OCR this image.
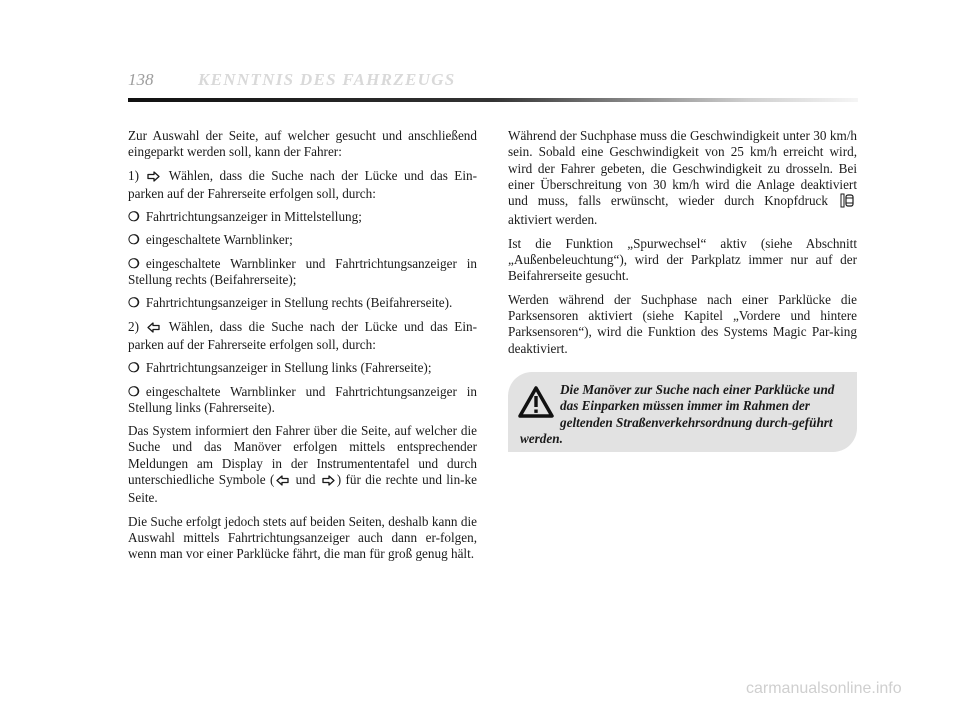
138	KENNTNIS DES FAHRZEUGS

Zur Auswahl der Seite, auf welcher gesucht und anschließend eingeparkt werden soll, kann der Fahrer:

1) Wählen, dass die Suche nach der Lücke und das Ein-parken auf der Fahrerseite erfolgen soll, durch:

❍ Fahrtrichtungsanzeiger in Mittelstellung;

❍ eingeschaltete Warnblinker;

❍ eingeschaltete Warnblinker und Fahrtrichtungsanzeiger in Stellung rechts (Beifahrerseite);

❍ Fahrtrichtungsanzeiger in Stellung rechts (Beifahrerseite).

2) Wählen, dass die Suche nach der Lücke und das Ein-parken auf der Fahrerseite erfolgen soll, durch:

❍ Fahrtrichtungsanzeiger in Stellung links (Fahrerseite);

❍ eingeschaltete Warnblinker und Fahrtrichtungsanzeiger in Stellung links (Fahrerseite).

Das System informiert den Fahrer über die Seite, auf welcher die Suche und das Manöver erfolgen mittels entsprechender Meldungen am Display in der Instrumententafel und durch unterschiedliche Symbole ( und ) für die rechte und lin-ke Seite.

Die Suche erfolgt jedoch stets auf beiden Seiten, deshalb kann die Auswahl mittels Fahrtrichtungsanzeiger auch dann er-folgen, wenn man vor einer Parklücke fährt, die man für groß genug hält.

Während der Suchphase muss die Geschwindigkeit unter 30 km/h sein. Sobald eine Geschwindigkeit von 25 km/h erreicht wird, wird der Fahrer gebeten, die Geschwindigkeit zu drosseln. Bei einer Überschreitung von 30 km/h wird die Anlage deaktiviert und muss, falls erwünscht, wieder durch Knopfdruck  aktiviert werden.

Ist die Funktion „Spurwechsel“ aktiv (siehe Abschnitt „Außenbeleuchtung“), wird der Parkplatz immer nur auf der Beifahrerseite gesucht.

Werden während der Suchphase nach einer Parklücke die Parksensoren aktiviert (siehe Kapitel „Vordere und hintere Parksensoren“), wird die Funktion des Systems Magic Par-king deaktiviert.

Die Manöver zur Suche nach einer Parklücke und das Einparken müssen immer im Rahmen der geltenden Straßenverkehrsordnung durch-geführt werden.
carmanualsonline.info
